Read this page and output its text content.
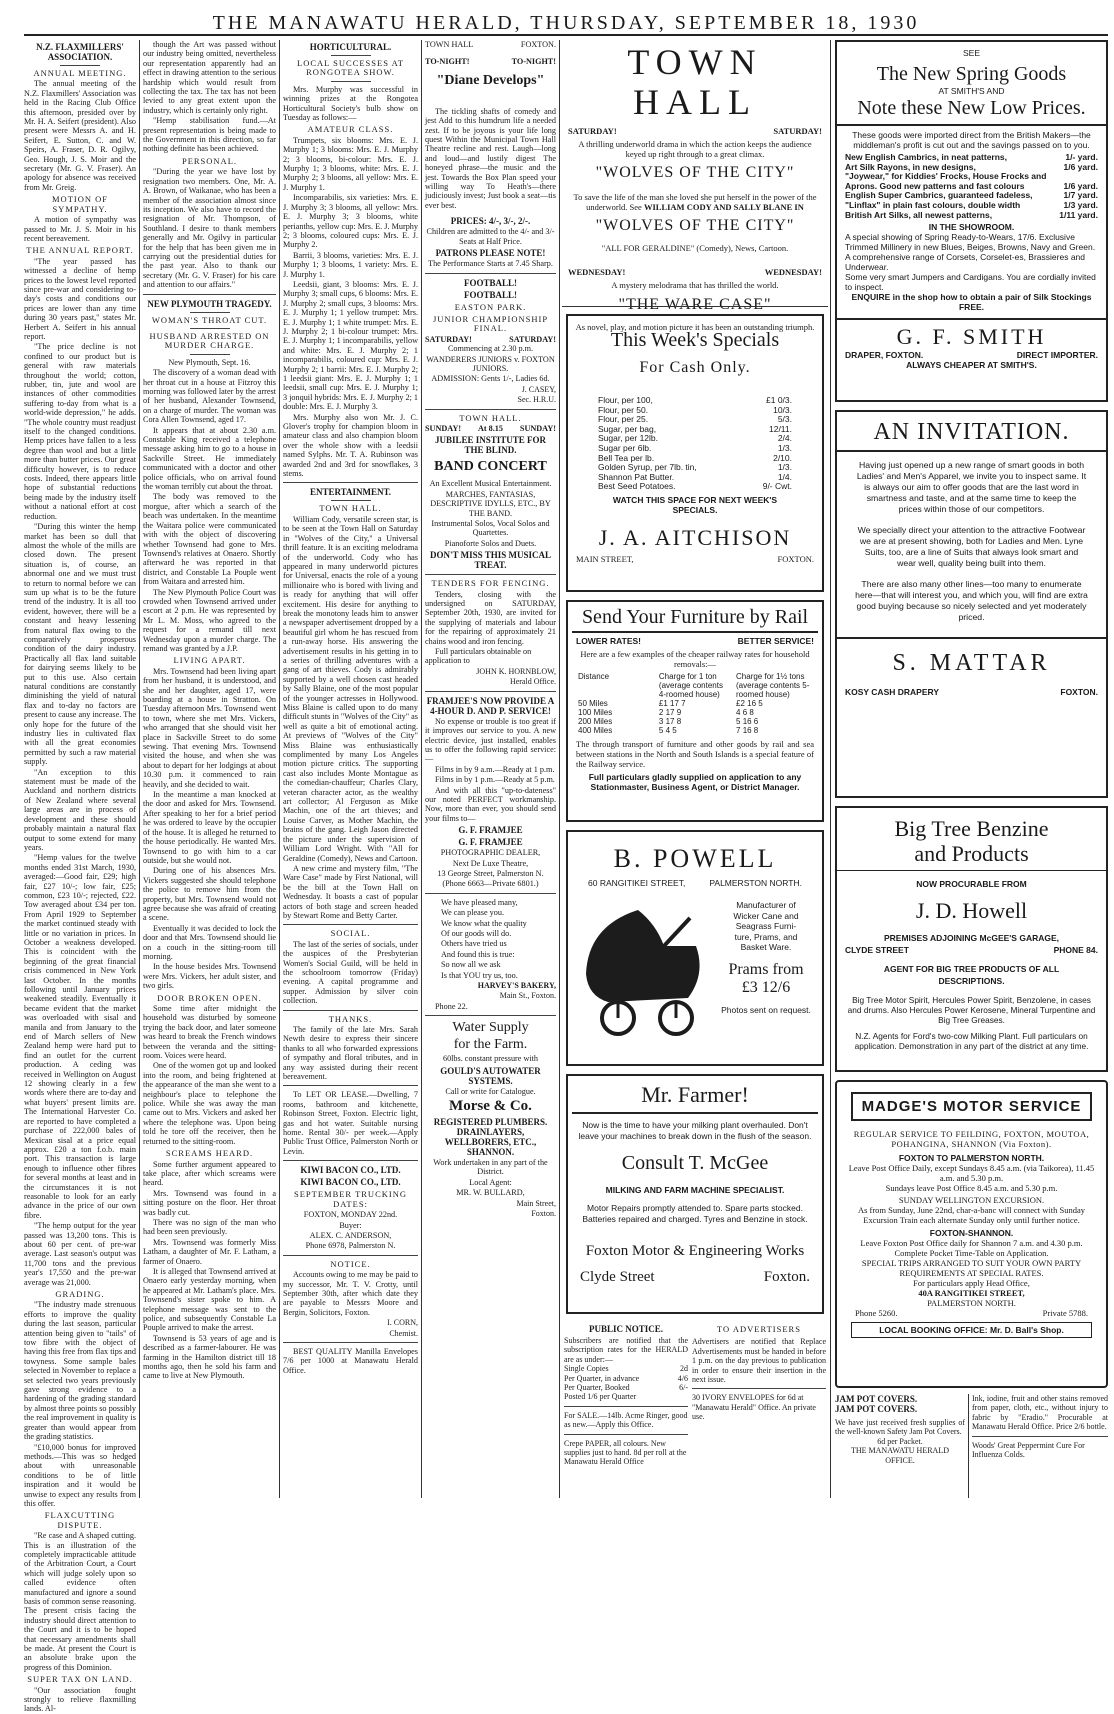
THE MANAWATU HERALD, THURSDAY, SEPTEMBER 18, 1930

N.Z. FLAXMILLERS' ASSOCIATION.

ANNUAL MEETING.

The annual meeting of the N.Z. Flaxmillers' Association was held in the Racing Club Office this afternoon, presided over by Mr. H. A. Seifert (president). Also present were Messrs A. and H. Seifert, E. Sutton, C. and W. Speirs, A. Fraser, D. R. Ogilvy, Geo. Hough, J. S. Moir and the secretary (Mr. G. V. Fraser). An apology for absence was received from Mr. Greig.

MOTION OF SYMPATHY.

A motion of sympathy was passed to Mr. J. S. Moir in his recent bereavement.

THE ANNUAL REPORT.

"The year passed has witnessed a decline of hemp prices to the lowest level reported since pre-war and considering to-day's costs and conditions our prices are lower than any time during 30 years past," states Mr. Herbert A. Seifert in his annual report.

"The price decline is not confined to our product but is general with raw materials throughout the world; cotton, rubber, tin, jute and wool are instances of other commodities suffering to-day from what is a world-wide depression," he adds. "The whole country must readjust itself to the changed conditions. Hemp prices have fallen to a less degree than wool and but a little more than butter prices. Our great difficulty however, is to reduce costs. Indeed, there appears little hope of substantial reductions being made by the industry itself without a national effort at cost reduction.

"During this winter the hemp market has been so dull that almost the whole of the mills are closed down. The present situation is, of course, an abnormal one and we must trust to return to normal before we can sum up what is to be the future trend of the industry. It is all too evident, however, there will be a constant and heavy lessening from natural flax owing to the comparatively prosperous condition of the dairy industry. Practically all flax land suitable for dairying seems likely to be put to this use. Also certain natural conditions are constantly diminishing the yield of natural flax and to-day no factors are present to cause any increase. The only hope for the future of the industry lies in cultivated flax with all the great economies permitted by such a raw material supply.

"An exception to this statement must be made of the Auckland and northern districts of New Zealand where several large areas are in process of development and these should probably maintain a natural flax output to some extend for many years.

"Hemp values for the twelve months ended 31st March, 1930, averaged:—Good fair, £29; high fair, £27 10/-; low fair, £25; common, £23 10/-; rejected, £22. Tow averaged about £34 per ton. From April 1929 to September the market continued steady with little or no variation in prices. In October a weakness developed. This is coincident with the beginning of the great financial crisis commenced in New York last October. In the months following until January prices weakened steadily. Eventually it became evident that the market was overloaded with sisal and manila and from January to the end of March sellers of New Zealand hemp were hard put to find an outlet for the current production. A ceding was received in Wellington on August 12 showing clearly in a few words where there are to-day and what buyers' present limits are. The International Harvester Co. are reported to have completed a purchase of 222,000 bales of Mexican sisal at a price equal approx. £20 a ton f.o.b. main port. This transaction is large enough to influence other fibres for several months at least and in the circumstances it is not reasonable to look for an early advance in the price of our own fibre.

"The hemp output for the year passed was 13,200 tons. This is about 60 per cent. of pre-war average. Last season's output was 11,700 tons and the previous year's 17,550 and the pre-war average was 21,000.

GRADING.

"The industry made strenuous efforts to improve the quality during the last season, particular attention being given to "tails" of tow fibre with the object of having this free from flax tips and towyness. Some sample bales selected in November to replace a set selected two years previously gave strong evidence to a hardening of the grading standard by almost three points so possibly the real improvement in quality is greater than would appear from the grading statistics.

"£10,000 bonus for improved methods.—This was so hedged about with unreasonable conditions to be of little inspiration and it would be unwise to expect any results from this offer.

FLAXCUTTING DISPUTE.

"Re case and A shaped cutting. This is an illustration of the completely impracticable attitude of the Arbitration Court, a Court which will judge solely upon so called evidence often manufactured and ignore a sound basis of common sense reasoning. The present crisis facing the industry should direct attention to the Court and it is to be hoped that necessary amendments shall be made. At present the Court is an absolute brake upon the progress of this Dominion.

SUPER TAX ON LAND.

"Our association fought strongly to relieve flaxmilling lands. Al-

though the Art was passed without our industry being omitted, nevertheless our representation apparently had an effect in drawing attention to the serious hardship which would result from collecting the tax. The tax has not been levied to any great extent upon the industry, which is certainly only right.

"Hemp stabilisation fund.—At present representation is being made to the Government in this direction, so far nothing definite has been achieved.

PERSONAL.

"During the year we have lost by resignation two members. One, Mr. A. A. Brown, of Waikanae, who has been a member of the association almost since its inception. We also have to record the resignation of Mr. Thompson, of Southland. I desire to thank members generally and Mr. Ogilvy in particular for the help that has been given me in carrying out the presidential duties for the past year. Also to thank our secretary (Mr. G. V. Fraser) for his care and attention to our affairs."

NEW PLYMOUTH TRAGEDY.

WOMAN'S THROAT CUT.

HUSBAND ARRESTED ON MURDER CHARGE.

New Plymouth, Sept. 16.

The discovery of a woman dead with her throat cut in a house at Fitzroy this morning was followed later by the arrest of her husband, Alexander Townsend, on a charge of murder. The woman was Cora Allen Townsend, aged 17.

It appears that at about 2.30 a.m. Constable King received a telephone message asking him to go to a house in Sackville Street. He immediately communicated with a doctor and other police officials, who on arrival found the woman terribly cut about the throat.

The body was removed to the morgue, after which a search of the beach was undertaken. In the meantime the Waitara police were communicated with with the object of discovering whether Townsend had gone to Mrs. Townsend's relatives at Onaero. Shortly afterward he was reported in that district, and Constable La Pouple went from Waitara and arrested him.

The New Plymouth Police Court was crowded when Townsend arrived under escort at 2 p.m. He was represented by Mr L. M. Moss, who agreed to the request for a remand till next Wednesday upon a murder charge. The remand was granted by a J.P.

LIVING APART.

Mrs. Townsend had been living apart from her husband, it is understood, and she and her daughter, aged 17, were boarding at a house in Stratton. On Tuesday afternoon Mrs. Townsend went to town, where she met Mrs. Vickers, who arranged that she should visit her place in Sackville Street to do some sewing. That evening Mrs. Townsend visited the house, and when she was about to depart for her lodgings at about 10.30 p.m. it commenced to rain heavily, and she decided to wait.

In the meantime a man knocked at the door and asked for Mrs. Townsend. After speaking to her for a brief period he was ordered to leave by the occupier of the house. It is alleged he returned to the house periodically. He wanted Mrs. Townsend to go with him to a car outside, but she would not.

During one of his absences Mrs. Vickers suggested she should telephone the police to remove him from the property, but Mrs. Townsend would not agree because she was afraid of creating a scene.

Eventually it was decided to lock the door and that Mrs. Townsend should lie on a couch in the sitting-room till morning.

In the house besides Mrs. Townsend were Mrs. Vickers, her adult sister, and two girls.

DOOR BROKEN OPEN.

Some time after midnight the household was disturbed by someone trying the back door, and later someone was heard to break the French windows between the veranda and the sitting-room. Voices were heard.

One of the women got up and looked into the room, and being frightened at the appearance of the man she went to a neighbour's place to telephone the police. While she was away the man came out to Mrs. Vickers and asked her where the telephone was. Upon being told he tore off the receiver, then he returned to the sitting-room.

SCREAMS HEARD.

Some further argument appeared to take place, after which screams were heard.

Mrs. Townsend was found in a sitting posture on the floor. Her throat was badly cut.

There was no sign of the man who had been seen previously.

Mrs. Townsend was formerly Miss Latham, a daughter of Mr. F. Latham, a farmer of Onaero.

It is alleged that Townsend arrived at Onaero early yesterday morning, when he appeared at Mr. Latham's place. Mrs. Townsend's sister spoke to him. A telephone message was sent to the police, and subsequently Constable La Pouple arrived to make the arrest.

Townsend is 53 years of age and is described as a farmer-labourer. He was farming in the Hamilton district till 18 months ago, then he sold his farm and came to live at New Plymouth.

HORTICULTURAL.

LOCAL SUCCESSES AT RONGOTEA SHOW.

Mrs. Murphy was successful in winning prizes at the Rongotea Horticultural Society's bulb show on Tuesday as follows:—

AMATEUR CLASS.

Trumpets, six blooms: Mrs. E. J. Murphy 1; 3 blooms: Mrs. E. J. Murphy 2; 3 blooms, bi-colour: Mrs. E. J. Murphy 1; 3 blooms, white: Mrs. E. J. Murphy 2; 3 blooms, all yellow: Mrs. E. J. Murphy 1.

Incomparabilis, six varieties: Mrs. E. J. Murphy 3; 3 blooms, all yellow: Mrs. E. J. Murphy 3; 3 blooms, white perianths, yellow cup: Mrs. E. J. Murphy 2; 3 blooms, coloured cups: Mrs. E. J. Murphy 2.

Barrii, 3 blooms, varieties: Mrs. E. J. Murphy 1; 3 blooms, 1 variety: Mrs. E. J. Murphy 1.

Leedsii, giant, 3 blooms: Mrs. E. J. Murphy 3; small cups, 6 blooms: Mrs. E. J. Murphy 2; small cups, 3 blooms: Mrs. E. J. Murphy 1; 1 yellow trumpet: Mrs. E. J. Murphy 1; 1 white trumpet: Mrs. E. J. Murphy 2; 1 bi-colour trumpet: Mrs. E. J. Murphy 1; 1 incomparabilis, yellow and white: Mrs. E. J. Murphy 2; 1 incomparabilis, coloured cup: Mrs. E. J. Murphy 2; 1 barrii: Mrs. E. J. Murphy 2; 1 leedsii giant: Mrs. E. J. Murphy 1; 1 leedsii, small cup: Mrs. E. J. Murphy 1; 3 jonquil hybrids: Mrs. E. J. Murphy 2; 1 double: Mrs. E. J. Murphy 3.

Mrs. Murphy also won Mr. J. C. Glover's trophy for champion bloom in amateur class and also champion bloom over the whole show with a leedsii named Sylphs. Mr. T. A. Rubinson was awarded 2nd and 3rd for snowflakes, 3 stems.

ENTERTAINMENT.

TOWN HALL.

William Cody, versatile screen star, is to be seen at the Town Hall on Saturday in "Wolves of the City," a Universal thrill feature. It is an exciting melodrama of the underworld. Cody who has appeared in many underworld pictures for Universal, enacts the role of a young millionaire who is bored with living and is ready for anything that will offer excitement. His desire for anything to break the monotony leads him to answer a newspaper advertisement dropped by a beautiful girl whom he has rescued from a run-away horse. His answering the advertisement results in his getting in to a series of thrilling adventures with a gang of art thieves. Cody is admirably supported by a well chosen cast headed by Sally Blaine, one of the most popular of the younger actresses in Hollywood. Miss Blaine is called upon to do many difficult stunts in "Wolves of the City" as well as quite a bit of emotional acting. At previews of "Wolves of the City" Miss Blaine was enthusiastically complimented by many Los Angeles motion picture critics. The supporting cast also includes Monte Montague as the comedian-chauffeur; Charles Clary, veteran character actor, as the wealthy art collector; Al Ferguson as Mike Machin, one of the art thieves; and Louise Carver, as Mother Machin, the brains of the gang. Leigh Jason directed the picture under the supervision of William Lord Wright. With "All for Geraldine (Comedy), News and Cartoon.

A new crime and mystery film, "The Ware Case" made by First National, will be the bill at the Town Hall on Wednesday. It boasts a cast of popular actors of both stage and screen headed by Stewart Rome and Betty Carter.

SOCIAL.

The last of the series of socials, under the auspices of the Presbyterian Women's Social Guild, will be held in the schoolroom tomorrow (Friday) evening. A capital programme and supper. Admission by silver coin collection.

THANKS.

The family of the late Mrs. Sarah Newth desire to express their sincere thanks to all who forwarded expressions of sympathy and floral tributes, and in any way assisted during their recent bereavement.

To LET OR LEASE.—Dwelling, 7 rooms, bathroom and kitchenette, Robinson Street, Foxton. Electric light, gas and hot water. Suitable nursing home. Rental 30/- per week.—Apply Public Trust Office, Palmerston North or Levin.

KIWI BACON CO., LTD.

KIWI BACON CO., LTD.

SEPTEMBER TRUCKING DATES:

FOXTON, MONDAY 22nd.

Buyer:

ALEX. C. ANDERSON,

Phone 6978, Palmerston N.

NOTICE.

Accounts owing to me may be paid to my successor, Mr. T. V. Crotty, until September 30th, after which date they are payable to Messrs Moore and Bergin, Solicitors, Foxton.

I. CORN,

Chemist.

BEST QUALITY Manilla Envelopes 7/6 per 1000 at Manawatu Herald Office.

TOWN HALL	FOXTON.
TO-NIGHT!	TO-NIGHT!

"Diane Develops"

The tickling shafts of comedy and jest Add to this humdrum life a needed zest. If to be joyous is your life long quest Within the Municipal Town Hall Theatre recline and rest. Laugh—long and loud—and lustily digest The honeyed phrase—the music and the jest. Towards the Box Plan speed your willing way To Heath's—there judiciously invest; Just book a seat—tis ever best.

PRICES: 4/-, 3/-, 2/-.

Children are admitted to the 4/- and 3/- Seats at Half Price.

PATRONS PLEASE NOTE!

The Performance Starts at 7.45 Sharp.

FOOTBALL!

FOOTBALL!

EASTON PARK.

JUNIOR CHAMPIONSHIP FINAL.

SATURDAY!	SATURDAY!

Commencing at 2.30 p.m.

WANDERERS JUNIORS v. FOXTON JUNIORS.

ADMISSION: Gents 1/-, Ladies 6d.

J. CASEY,

Sec. H.R.U.

TOWN HALL.

SUNDAY! At 8.15 SUNDAY!

JUBILEE INSTITUTE FOR THE BLIND.

BAND CONCERT

An Excellent Musical Entertainment.

MARCHES, FANTASIAS, DESCRIPTIVE IDYLLS, ETC., BY THE BAND.

Instrumental Solos, Vocal Solos and Quartettes.

Pianoforte Solos and Duets.

DON'T MISS THIS MUSICAL TREAT.

TENDERS FOR FENCING.

Tenders, closing with the undersigned on SATURDAY, September 20th, 1930, are invited for the supplying of materials and labour for the repairing of approximately 21 chains wood and iron fencing.

Full particulars obtainable on application to

JOHN K. HORNBLOW,

Herald Office.

FRAMJEE'S NOW PROVIDE A 4-HOUR D. AND P. SERVICE!

No expense or trouble is too great if it improves our service to you. A new electric device, just installed, enables us to offer the following rapid service:—

Films in by 9 a.m.—Ready at 1 p.m.

Films in by 1 p.m.—Ready at 5 p.m.

And with all this "up-to-dateness" our noted PERFECT workmanship. Now, more than ever, you should send your films to—

G. F. FRAMJEE

G. F. FRAMJEE

PHOTOGRAPHIC DEALER,

Next De Luxe Theatre,

13 George Street, Palmerston N.

(Phone 6663—Private 6801.)

We have pleased many,

We can please you.

We know what the quality

Of our goods will do.

Others have tried us

And found this is true:

So now all we ask

Is that YOU try us, too.

HARVEY'S BAKERY,

Main St., Foxton.

Phone 22.

Water Supply

for the Farm.

60lbs. constant pressure with

GOULD'S AUTOWATER SYSTEMS.

Call or write for Catalogue.

Morse & Co.

REGISTERED PLUMBERS. DRAINLAYERS, WELLBORERS, ETC., SHANNON.

Work undertaken in any part of the District.

Local Agent:

MR. W. BULLARD,

Main Street,

Foxton.

TOWN HALL
SATURDAY!	SATURDAY!

A thrilling underworld drama in which the action keeps the audience keyed up right through to a great climax.

"WOLVES OF THE CITY"

To save the life of the man she loved she put herself in the power of the underworld. See WILLIAM CODY AND SALLY BLANE IN

"WOLVES OF THE CITY"

"ALL FOR GERALDINE" (Comedy), News, Cartoon.

WEDNESDAY!	WEDNESDAY!

A mystery melodrama that has thrilled the world.

"THE WARE CASE"

As novel, play, and motion picture it has been an outstanding triumph.

This Week's Specials
For Cash Only.
Flour, per 100,	£1 0/3.
Flour, per 50.	10/3.
Flour, per 25.	5/3.
Sugar, per bag,	12/11.
Sugar, per 12lb.	2/4.
Sugar per 6lb.	1/3.
Bell Tea per lb.	2/10.
Golden Syrup, per 7lb. tin,	1/3.
Shannon Pat Butter.	1/4.
Best Seed Potatoes.	9/- Cwt.

WATCH THIS SPACE FOR NEXT WEEK'S SPECIALS.

J. A. AITCHISON
MAIN STREET,	FOXTON.
Send Your Furniture by Rail
LOWER RATES!	BETTER SERVICE!

Here are a few examples of the cheaper railway rates for household removals:—

Distance	Charge for 1 ton (average contents 4-roomed house)	Charge for 1½ tons (average contents 5-roomed house)
50 Miles	£1 17 7	£2 16 5
100 Miles	2 17 9	4 6 8
200 Miles	3 17 8	5 16 6
400 Miles	5 4 5	7 16 8

The through transport of furniture and other goods by rail and sea between stations in the North and South Islands is a special feature of the Railway service.

Full particulars gladly supplied on application to any Stationmaster, Business Agent, or District Manager.

B. POWELL
60 RANGITIKEI STREET,	PALMERSTON NORTH.
Manufacturer of
Wicker Cane and
Seagrass Furni-
ture, Prams, and
Basket Ware.
Prams from
£3 12/6
Photos sent on request.
Mr. Farmer!

Now is the time to have your milking plant overhauled. Don't leave your machines to break down in the flush of the season.

Consult T. McGee

MILKING AND FARM MACHINE SPECIALIST.

Motor Repairs promptly attended to. Spare parts stocked. Batteries repaired and charged. Tyres and Benzine in stock.

Foxton Motor & Engineering Works
Clyde Street	Foxton.

PUBLIC NOTICE.

Subscribers are notified that the subscription rates for the HERALD are as under:—

Single Copies	2d
Per Quarter, in advance	4/6
Per Quarter, Booked	6/-
Posted 1/6 per Quarter

For SALE.—14lb. Acme Ringer, good as new.—Apply this Office.

Crepe PAPER, all colours. New supplies just to hand. 8d per roll at the Manawatu Herald Office

TO ADVERTISERS

Advertisers are notified that Replace Advertisements must be handed in before 1 p.m. on the day previous to publication in order to ensure their insertion in the next issue.

30 IVORY ENVELOPES for 6d at "Manawatu Herald" Office. An private use.

SEE
The New Spring Goods
AT SMITH'S AND
Note these New Low Prices.

These goods were imported direct from the British Makers—the middleman's profit is cut out and the savings passed on to you.

New English Cambrics, in neat patterns,	1/- yard.
Art Silk Rayons, in new designs,	1/6 yard.
"Joywear," for Kiddies' Frocks, House Frocks and Aprons. Good new patterns and fast colours	1/6 yard.
English Super Cambrics, guaranteed fadeless,	1/7 yard.
"Linflax" in plain fast colours, double width	1/3 yard.
British Art Silks, all newest patterns,	1/11 yard.

IN THE SHOWROOM.

A special showing of Spring Ready-to-Wears, 17/6. Exclusive Trimmed Millinery in new Blues, Beiges, Browns, Navy and Green.

A comprehensive range of Corsets, Corselet-es, Brassieres and Underwear.

Some very smart Jumpers and Cardigans. You are cordially invited to inspect.

ENQUIRE in the shop how to obtain a pair of Silk Stockings FREE.

G. F. SMITH
DRAPER, FOXTON.	DIRECT IMPORTER.
ALWAYS CHEAPER AT SMITH'S.
AN INVITATION.

Having just opened up a new range of smart goods in both Ladies' and Men's Apparel, we invite you to inspect same. It is always our aim to offer goods that are the last word in smartness and taste, and at the same time to keep the prices within those of our competitors.

We specially direct your attention to the attractive Footwear we are at present showing, both for Ladies and Men. Lyne Suits, too, are a line of Suits that always look smart and wear well, quality being built into them.

There are also many other lines—too many to enumerate here—that will interest you, and which you, will find are extra good buying because so nicely selected and yet moderately priced.

S. MATTAR
KOSY CASH DRAPERY	FOXTON.
Big Tree Benzine
and Products
NOW PROCURABLE FROM
J. D. Howell
PREMISES ADJOINING McGEE'S GARAGE,
CLYDE STREET	PHONE 84.

AGENT FOR BIG TREE PRODUCTS OF ALL DESCRIPTIONS.

Big Tree Motor Spirit, Hercules Power Spirit, Benzolene, in cases and drums. Also Hercules Power Kerosene, Mineral Turpentine and Big Tree Greases.

N.Z. Agents for Ford's two-cow Milking Plant. Full particulars on application. Demonstration in any part of the district at any time.

MADGE'S MOTOR SERVICE

REGULAR SERVICE TO FEILDING, FOXTON, MOUTOA, POHANGINA, SHANNON (Via Foxton).

FOXTON TO PALMERSTON NORTH.

Leave Post Office Daily, except Sundays 8.45 a.m. (via Taikorea), 11.45 a.m. and 5.30 p.m.

Sundays leave Post Office 8.45 a.m. and 5.30 p.m.

SUNDAY WELLINGTON EXCURSION.

As from Sunday, June 22nd, char-a-banc will connect with Sunday Excursion Train each alternate Sunday only until further notice.

FOXTON-SHANNON.

Leave Foxton Post Office daily for Shannon 7 a.m. and 4.30 p.m.

Complete Pocket Time-Table on Application.

SPECIAL TRIPS ARRANGED TO SUIT YOUR OWN PARTY REQUIREMENTS AT SPECIAL RATES.

For particulars apply Head Office,

40A RANGITIKEI STREET,

PALMERSTON NORTH.

Phone 5260.	Private 5788.

LOCAL BOOKING OFFICE: Mr. D. Ball's Shop.

JAM POT COVERS.

JAM POT COVERS.

We have just received fresh supplies of the well-known Safety Jam Pot Covers.

6d per Packet.

THE MANAWATU HERALD

OFFICE.

Ink, iodine, fruit and other stains removed from paper, cloth, etc., without injury to fabric by "Eradio." Procurable at Manawatu Herald Office. Price 2/6 bottle.

Woods' Great Peppermint Cure For Influenza Colds.
